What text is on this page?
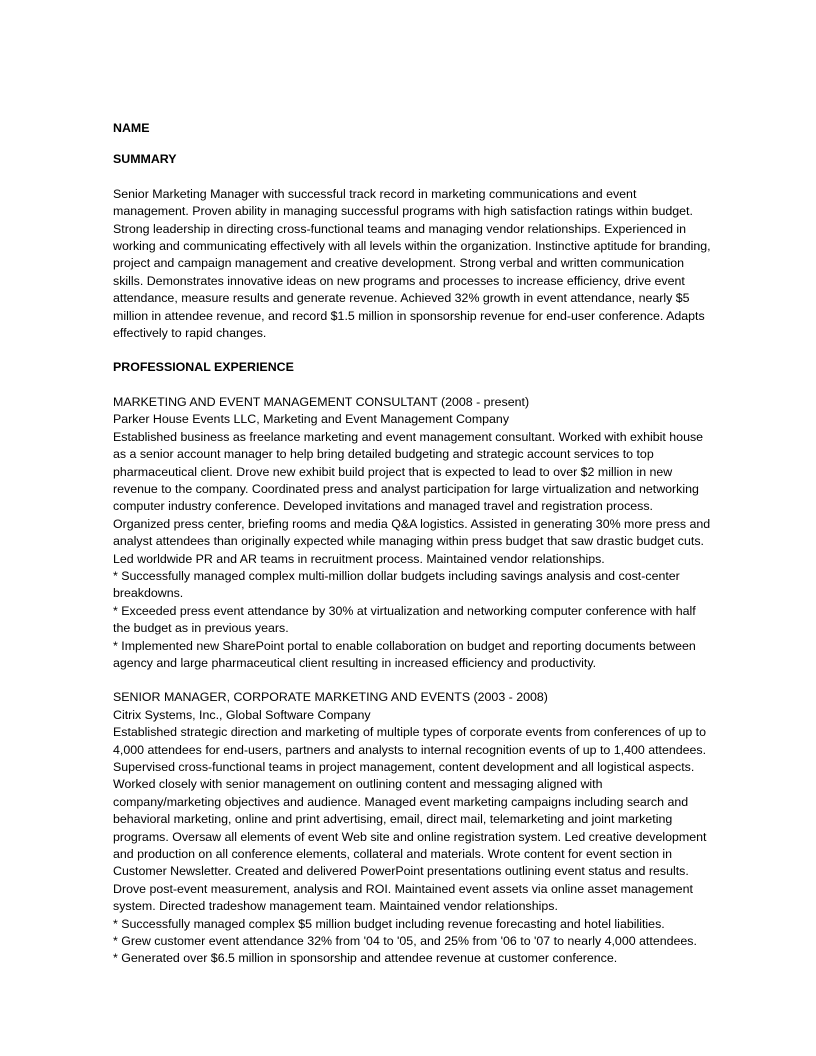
NAME

SUMMARY

Senior Marketing Manager with successful track record in marketing communications and event management. Proven ability in managing successful programs with high satisfaction ratings within budget. Strong leadership in directing cross-functional teams and managing vendor relationships. Experienced in working and communicating effectively with all levels within the organization. Instinctive aptitude for branding, project and campaign management and creative development. Strong verbal and written communication skills. Demonstrates innovative ideas on new programs and processes to increase efficiency, drive event attendance, measure results and generate revenue. Achieved 32% growth in event attendance, nearly $5 million in attendee revenue, and record $1.5 million in sponsorship revenue for end-user conference. Adapts effectively to rapid changes.

PROFESSIONAL EXPERIENCE

MARKETING AND EVENT MANAGEMENT CONSULTANT (2008 - present)

Parker House Events LLC, Marketing and Event Management Company

Established business as freelance marketing and event management consultant. Worked with exhibit house as a senior account manager to help bring detailed budgeting and strategic account services to top pharmaceutical client. Drove new exhibit build project that is expected to lead to over $2 million in new revenue to the company. Coordinated press and analyst participation for large virtualization and networking computer industry conference. Developed invitations and managed travel and registration process. Organized press center, briefing rooms and media Q&A logistics. Assisted in generating 30% more press and analyst attendees than originally expected while managing within press budget that saw drastic budget cuts. Led worldwide PR and AR teams in recruitment process. Maintained vendor relationships.

* Successfully managed complex multi-million dollar budgets including savings analysis and cost-center breakdowns.

* Exceeded press event attendance by 30% at virtualization and networking computer conference with half the budget as in previous years.

* Implemented new SharePoint portal to enable collaboration on budget and reporting documents between agency and large pharmaceutical client resulting in increased efficiency and productivity.

SENIOR MANAGER, CORPORATE MARKETING AND EVENTS (2003 - 2008)

Citrix Systems, Inc., Global Software Company

Established strategic direction and marketing of multiple types of corporate events from conferences of up to 4,000 attendees for end-users, partners and analysts to internal recognition events of up to 1,400 attendees. Supervised cross-functional teams in project management, content development and all logistical aspects. Worked closely with senior management on outlining content and messaging aligned with company/marketing objectives and audience. Managed event marketing campaigns including search and behavioral marketing, online and print advertising, email, direct mail, telemarketing and joint marketing programs. Oversaw all elements of event Web site and online registration system. Led creative development and production on all conference elements, collateral and materials. Wrote content for event section in Customer Newsletter. Created and delivered PowerPoint presentations outlining event status and results. Drove post-event measurement, analysis and ROI. Maintained event assets via online asset management system. Directed tradeshow management team. Maintained vendor relationships.

* Successfully managed complex $5 million budget including revenue forecasting and hotel liabilities.

* Grew customer event attendance 32% from '04 to '05, and 25% from '06 to '07 to nearly 4,000 attendees.

* Generated over $6.5 million in sponsorship and attendee revenue at customer conference.
